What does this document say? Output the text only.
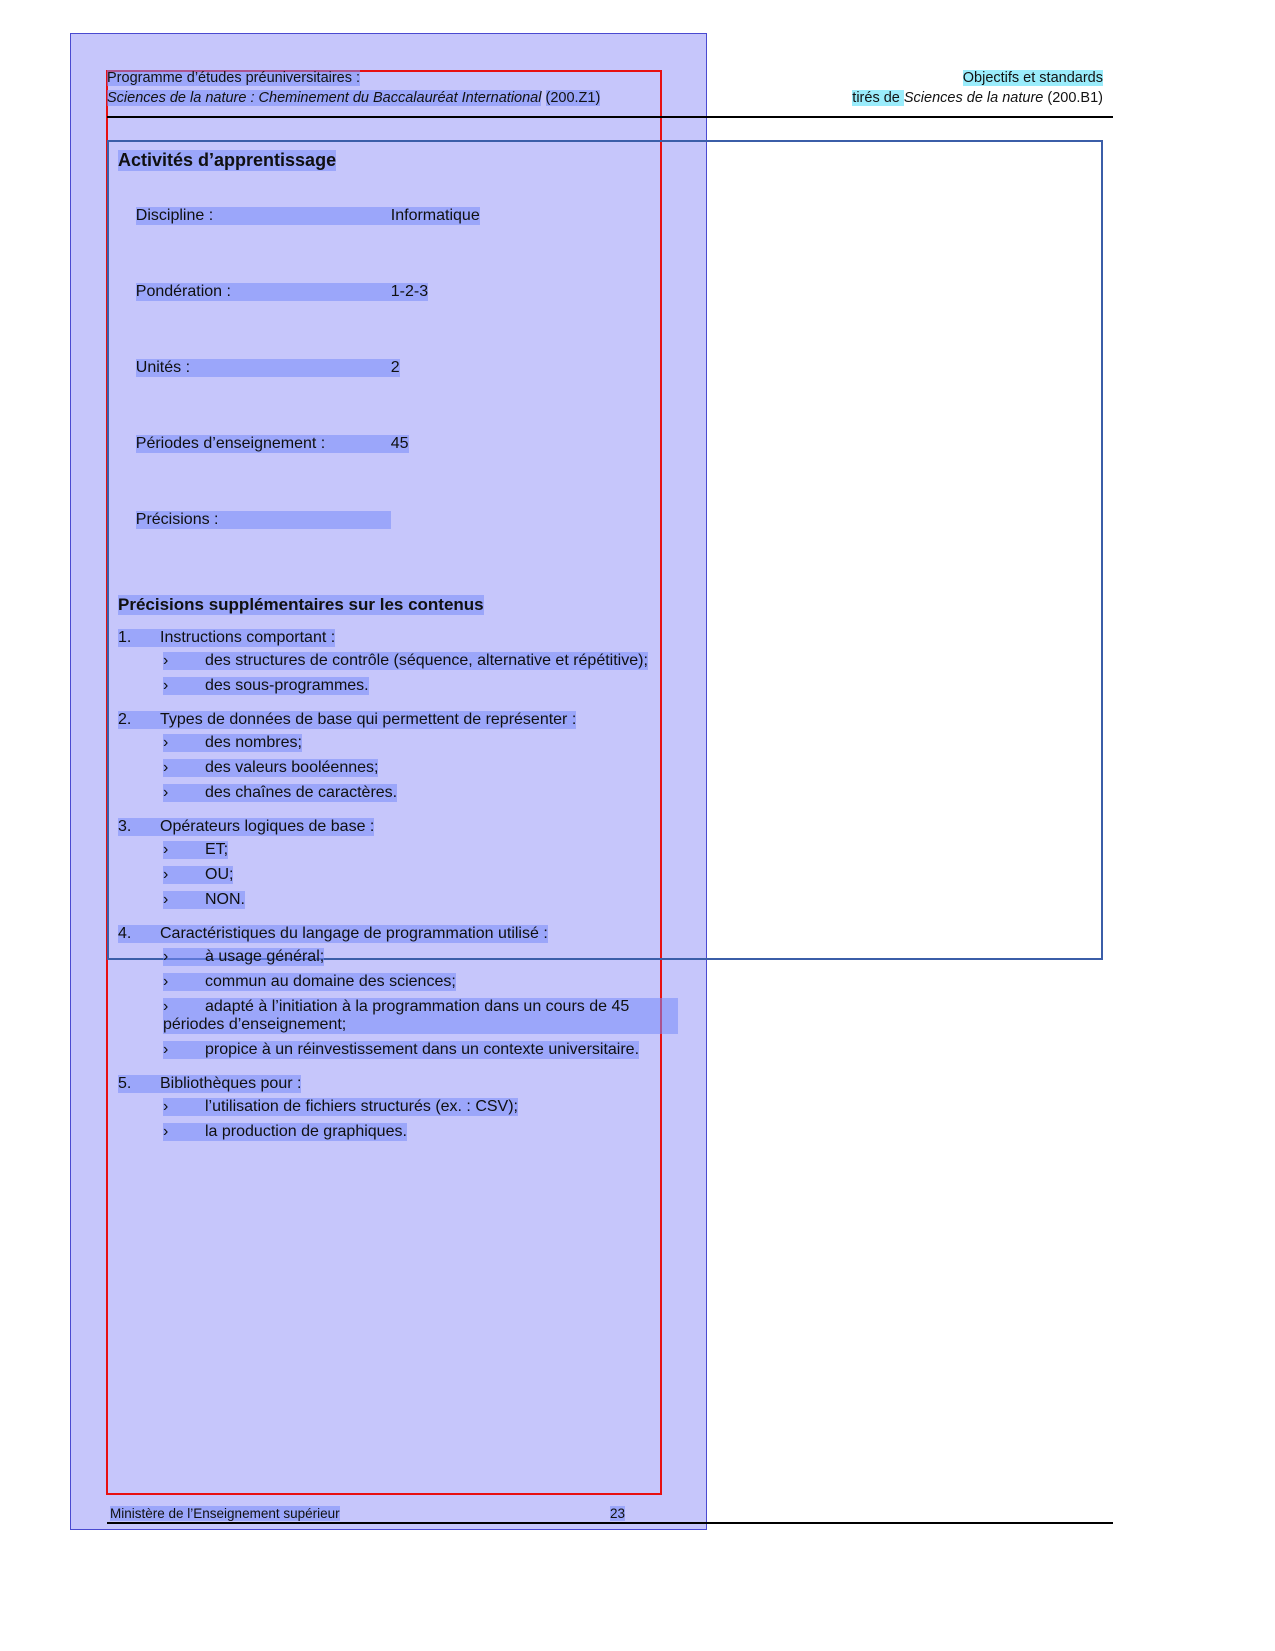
Programme d’études préuniversitaires :
Sciences de la nature : Cheminement du Baccalauréat International (200.Z1)
Objectifs et standards
tirés de Sciences de la nature (200.B1)
Activités d’apprentissage

Discipline :	Informatique

Pondération :	1-2-3

Unités :	2

Périodes d’enseignement :	45

Précisions :

Précisions supplémentaires sur les contenus
1. Instructions comportant :
› des structures de contrôle (séquence, alternative et répétitive);
› des sous-programmes.
2. Types de données de base qui permettent de représenter :
› des nombres;
› des valeurs booléennes;
› des chaînes de caractères.
3. Opérateurs logiques de base :
› ET;
› OU;
› NON.
4. Caractéristiques du langage de programmation utilisé :
› à usage général;
› commun au domaine des sciences;
› adapté à l’initiation à la programmation dans un cours de 45 périodes d’enseignement;
› propice à un réinvestissement dans un contexte universitaire.
5. Bibliothèques pour :
› l’utilisation de fichiers structurés (ex. : CSV);
› la production de graphiques.
Ministère de l’Enseignement supérieur	23
